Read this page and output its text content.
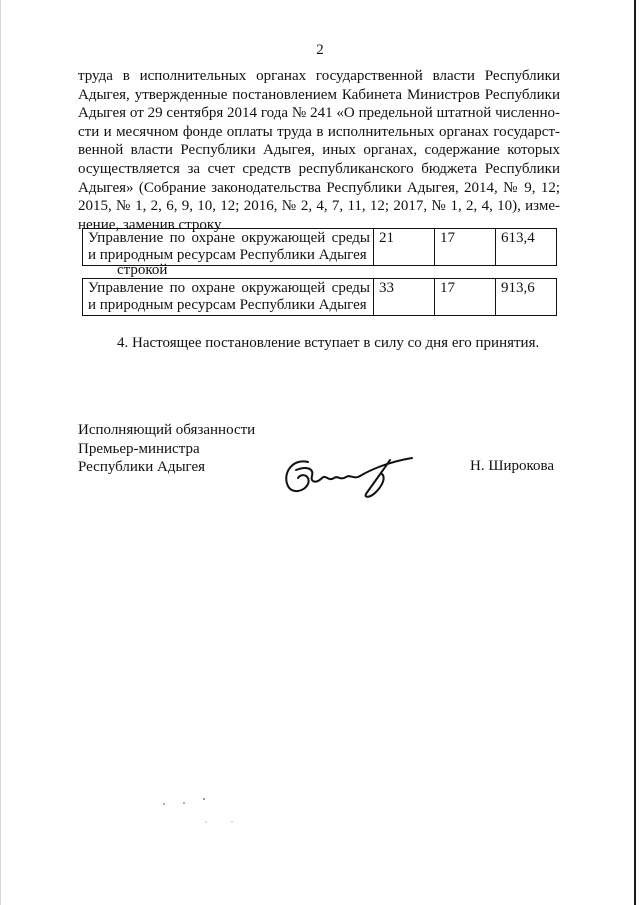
2
труда в исполнительных органах государственной власти Республики
Адыгея, утвержденные постановлением Кабинета Министров Республики
Адыгея от 29 сентября 2014 года № 241 «О предельной штатной численно-
сти и месячном фонде оплаты труда в исполнительных органах государст-
венной власти Республики Адыгея, иных органах, содержание которых
осуществляется за счет средств республиканского бюджета Республики
Адыгея» (Собрание законодательства Республики Адыгея, 2014, № 9, 12;
2015, № 1, 2, 6, 9, 10, 12; 2016, № 2, 4, 7, 11, 12; 2017, № 1, 2, 4, 10), изме-
нение, заменив строку
Управление по охране окружающей среды и природным ресурсам Республики Адыгея	21	17	613,4
строкой
Управление по охране окружающей среды и природным ресурсам Республики Адыгея	33	17	913,6
4. Настоящее постановление вступает в силу со дня его принятия.
Исполняющий обязанности
Премьер-министра
Республики Адыгея	Н. Широкова
